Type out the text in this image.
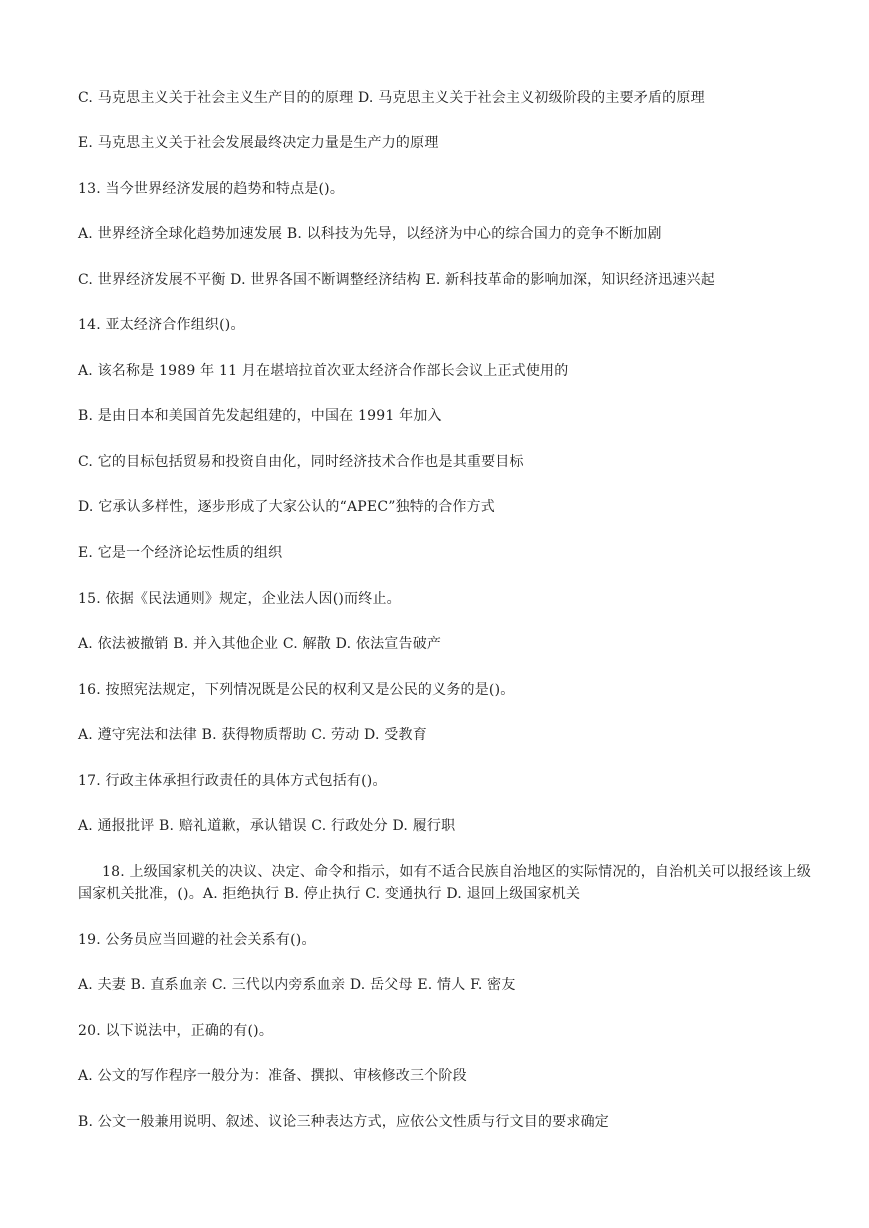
C. 马克思主义关于社会主义生产目的的原理 D. 马克思主义关于社会主义初级阶段的主要矛盾的原理
E. 马克思主义关于社会发展最终决定力量是生产力的原理
13. 当今世界经济发展的趋势和特点是()。
A. 世界经济全球化趋势加速发展 B. 以科技为先导，以经济为中心的综合国力的竞争不断加剧
C. 世界经济发展不平衡 D. 世界各国不断调整经济结构 E. 新科技革命的影响加深，知识经济迅速兴起
14. 亚太经济合作组织()。
A. 该名称是 1989 年 11 月在堪培拉首次亚太经济合作部长会议上正式使用的
B. 是由日本和美国首先发起组建的，中国在 1991 年加入
C. 它的目标包括贸易和投资自由化，同时经济技术合作也是其重要目标
D. 它承认多样性，逐步形成了大家公认的“APEC”独特的合作方式
E. 它是一个经济论坛性质的组织
15. 依据《民法通则》规定，企业法人因()而终止。
A. 依法被撤销 B. 并入其他企业 C. 解散 D. 依法宣告破产
16. 按照宪法规定，下列情况既是公民的权利又是公民的义务的是()。
A. 遵守宪法和法律 B. 获得物质帮助 C. 劳动 D. 受教育
17. 行政主体承担行政责任的具体方式包括有()。
A. 通报批评 B. 赔礼道歉，承认错误 C. 行政处分 D. 履行职
18. 上级国家机关的决议、决定、命令和指示，如有不适合民族自治地区的实际情况的，自治机关可以报经该上级国家机关批准，()。A. 拒绝执行 B. 停止执行 C. 变通执行 D. 退回上级国家机关
19. 公务员应当回避的社会关系有()。
A. 夫妻 B. 直系血亲 C. 三代以内旁系血亲 D. 岳父母 E. 情人 F. 密友
20. 以下说法中，正确的有()。
A. 公文的写作程序一般分为：准备、撰拟、审核修改三个阶段
B. 公文一般兼用说明、叙述、议论三种表达方式，应依公文性质与行文目的要求确定
